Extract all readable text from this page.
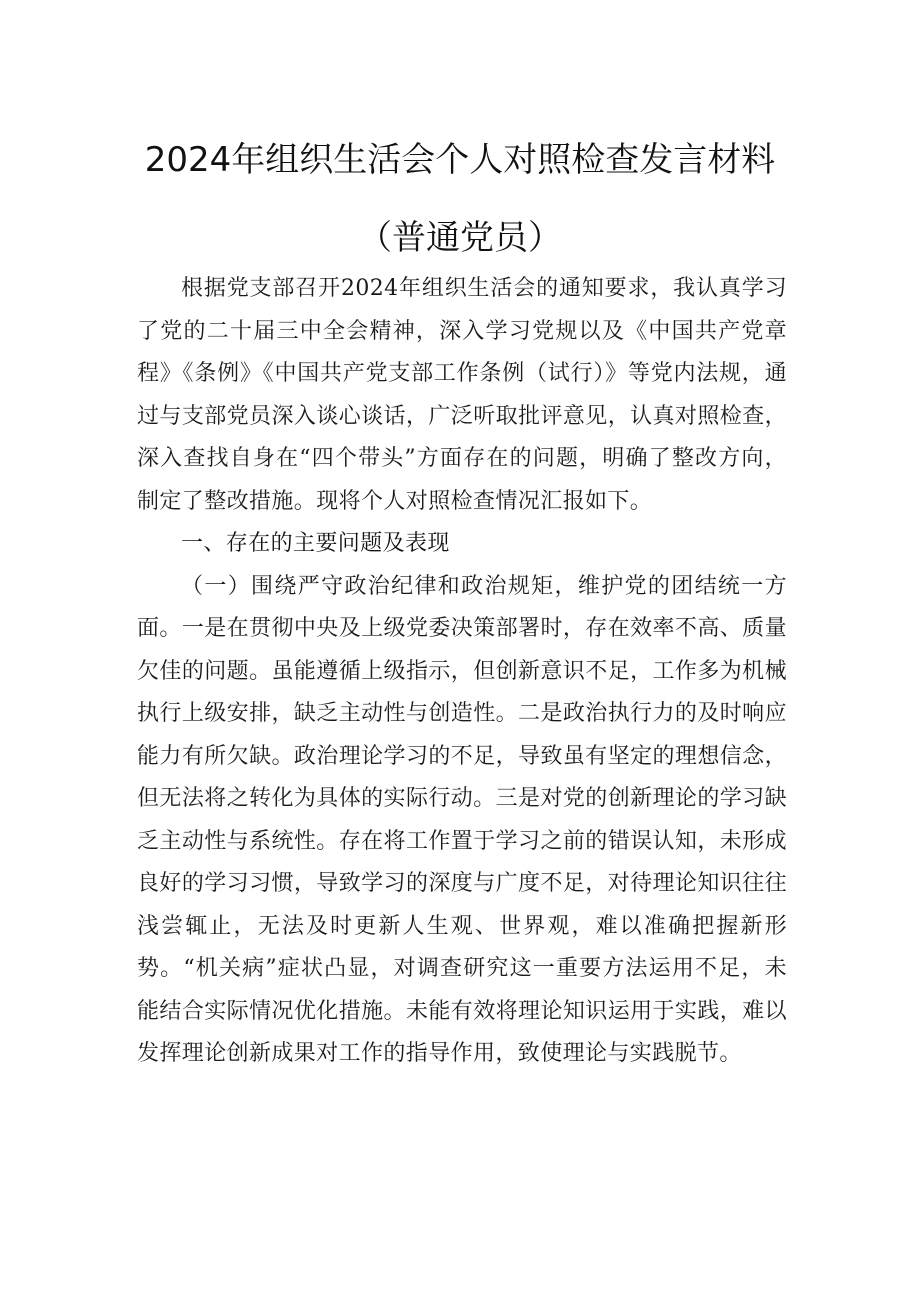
2024年组织生活会个人对照检查发言材料
（普通党员）

根据党支部召开2024年组织生活会的通知要求，我认真学习了党的二十届三中全会精神，深入学习党规以及《中国共产党章程》《条例》《中国共产党支部工作条例（试行）》等党内法规，通过与支部党员深入谈心谈话，广泛听取批评意见，认真对照检查，深入查找自身在“四个带头”方面存在的问题，明确了整改方向，制定了整改措施。现将个人对照检查情况汇报如下。

一、存在的主要问题及表现

（一）围绕严守政治纪律和政治规矩，维护党的团结统一方面。一是在贯彻中央及上级党委决策部署时，存在效率不高、质量欠佳的问题。虽能遵循上级指示，但创新意识不足，工作多为机械执行上级安排，缺乏主动性与创造性。二是政治执行力的及时响应能力有所欠缺。政治理论学习的不足，导致虽有坚定的理想信念，但无法将之转化为具体的实际行动。三是对党的创新理论的学习缺乏主动性与系统性。存在将工作置于学习之前的错误认知，未形成良好的学习习惯，导致学习的深度与广度不足，对待理论知识往往浅尝辄止，无法及时更新人生观、世界观，难以准确把握新形势。“机关病”症状凸显，对调查研究这一重要方法运用不足，未能结合实际情况优化措施。未能有效将理论知识运用于实践，难以发挥理论创新成果对工作的指导作用，致使理论与实践脱节。
